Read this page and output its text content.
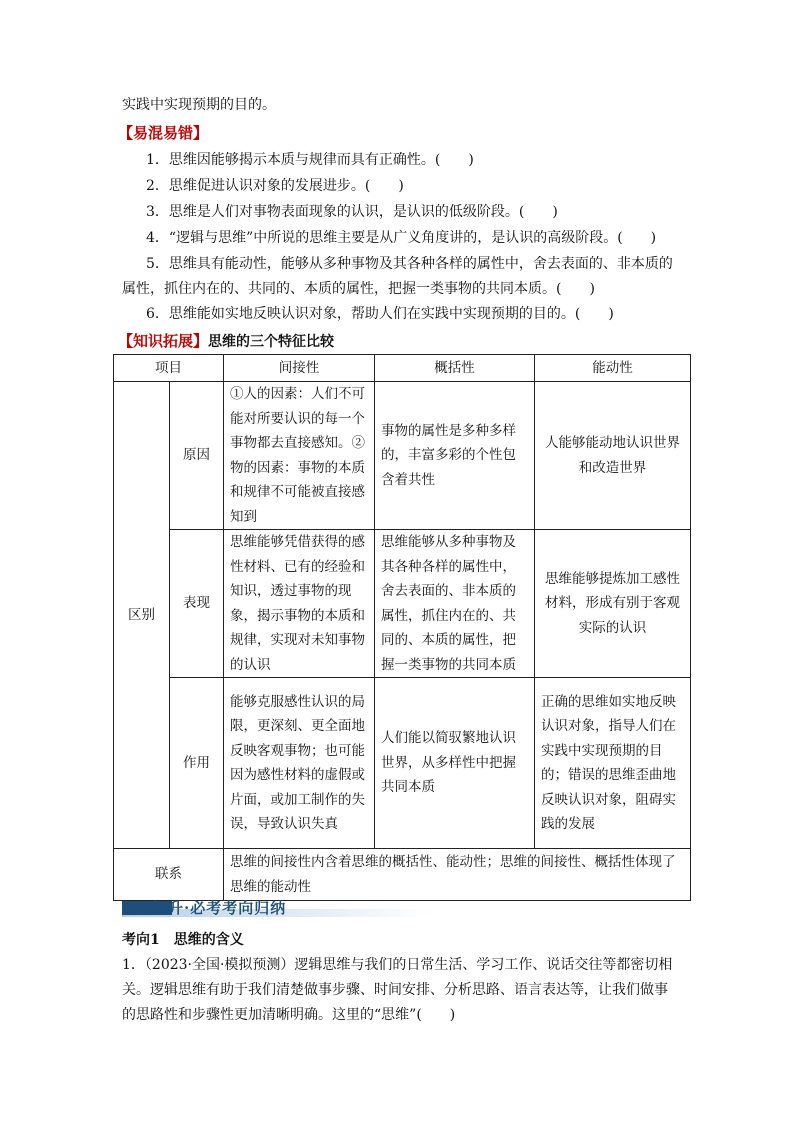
实践中实现预期的目的。
【易混易错】
1．思维因能够揭示本质与规律而具有正确性。(　　)
2．思维促进认识对象的发展进步。(　　)
3．思维是人们对事物表面现象的认识，是认识的低级阶段。(　　)
4．“逻辑与思维”中所说的思维主要是从广义角度讲的，是认识的高级阶段。(　　)
5．思维具有能动性，能够从多种事物及其各种各样的属性中，舍去表面的、非本质的
属性，抓住内在的、共同的、本质的属性，把握一类事物的共同本质。(　　)
6．思维能如实地反映认识对象，帮助人们在实践中实现预期的目的。(　　)
【知识拓展】思维的三个特征比较
项目		间接性	概括性	能动性
区别	原因	①人的因素：人们不可能对所要认识的每一个事物都去直接感知。②物的因素：事物的本质和规律不可能被直接感知到	事物的属性是多种多样的，丰富多彩的个性包含着共性	人能够能动地认识世界和改造世界
	表现	思维能够凭借获得的感性材料、已有的经验和知识，透过事物的现象，揭示事物的本质和规律，实现对未知事物的认识	思维能够从多种事物及其各种各样的属性中，舍去表面的、非本质的属性，抓住内在的、共同的、本质的属性，把握一类事物的共同本质	思维能够提炼加工感性材料，形成有别于客观实际的认识
	作用	能够克服感性认识的局限，更深刻、更全面地反映客观事物；也可能因为感性材料的虚假或片面，或加工制作的失误，导致认识失真	人们能以简驭繁地认识世界，从多样性中把握共同本质	正确的思维如实地反映认识对象，指导人们在实践中实现预期的目的；错误的思维歪曲地反映认识对象，阻碍实践的发展
联系		思维的间接性内含着思维的概括性、能动性；思维的间接性、概括性体现了思维的能动性		
提升·必考考向归纳
考向1　思维的含义
1．（2023·全国·模拟预测）逻辑思维与我们的日常生活、学习工作、说话交往等都密切相
关。逻辑思维有助于我们清楚做事步骤、时间安排、分析思路、语言表达等，让我们做事
的思路性和步骤性更加清晰明确。这里的“思维”(　　)
